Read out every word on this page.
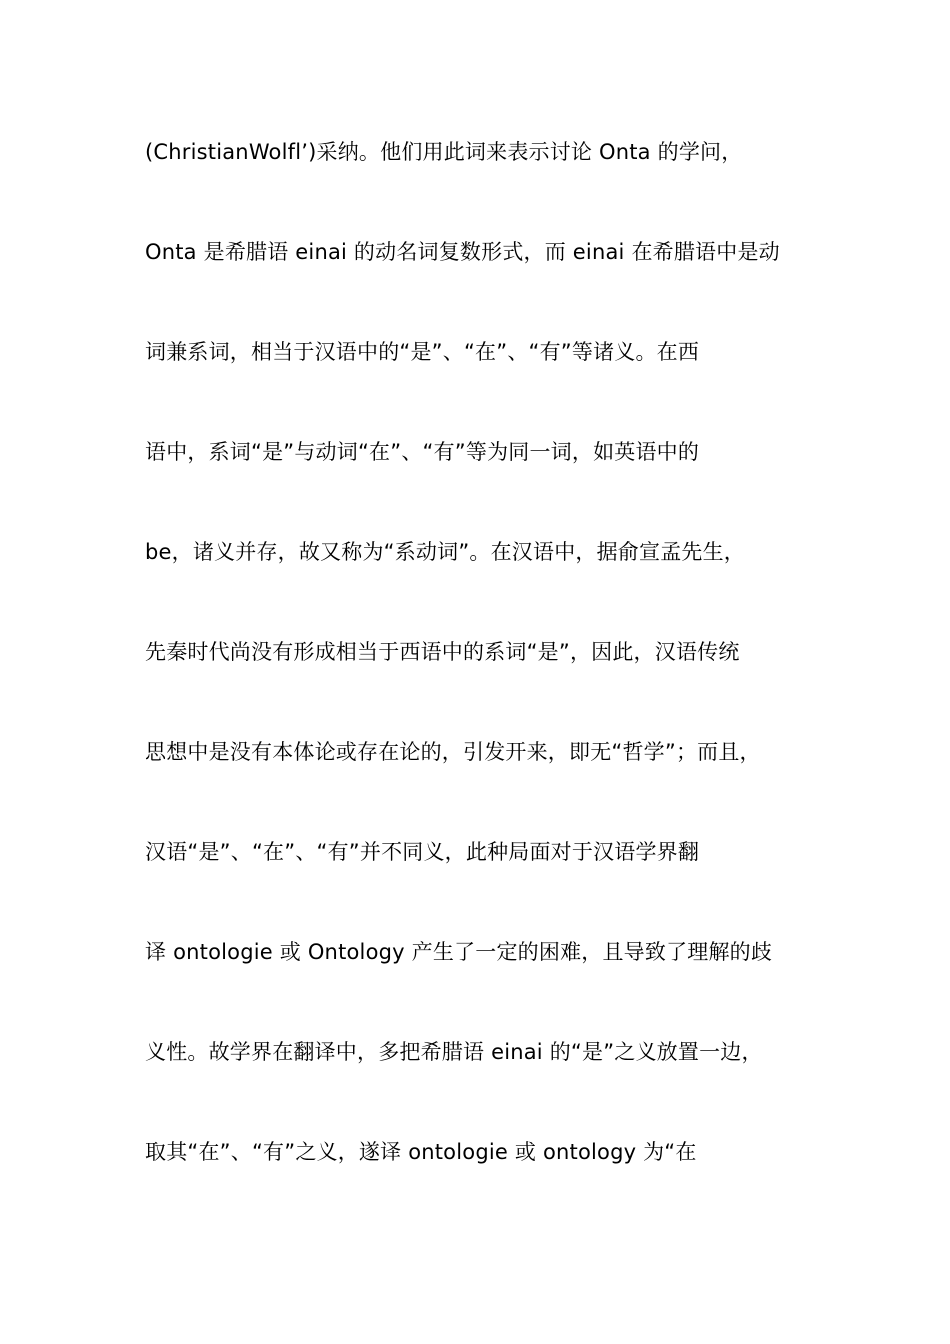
(ChristianWolfl’)采纳。他们用此词来表示讨论 Onta 的学问，
Onta 是希腊语 einai 的动名词复数形式，而 einai 在希腊语中是动
词兼系词，相当于汉语中的“是”、“在”、“有”等诸义。在西
语中，系词“是”与动词“在”、“有”等为同一词，如英语中的
be，诸义并存，故又称为“系动词”。在汉语中，据俞宣孟先生，
先秦时代尚没有形成相当于西语中的系词“是”，因此，汉语传统
思想中是没有本体论或存在论的，引发开来，即无“哲学”；而且，
汉语“是”、“在”、“有”并不同义，此种局面对于汉语学界翻
译 ontologie 或 Ontology 产生了一定的困难，且导致了理解的歧
义性。故学界在翻译中，多把希腊语 einai 的“是”之义放置一边，
取其“在”、“有”之义，遂译 ontologie 或 ontology 为“在
